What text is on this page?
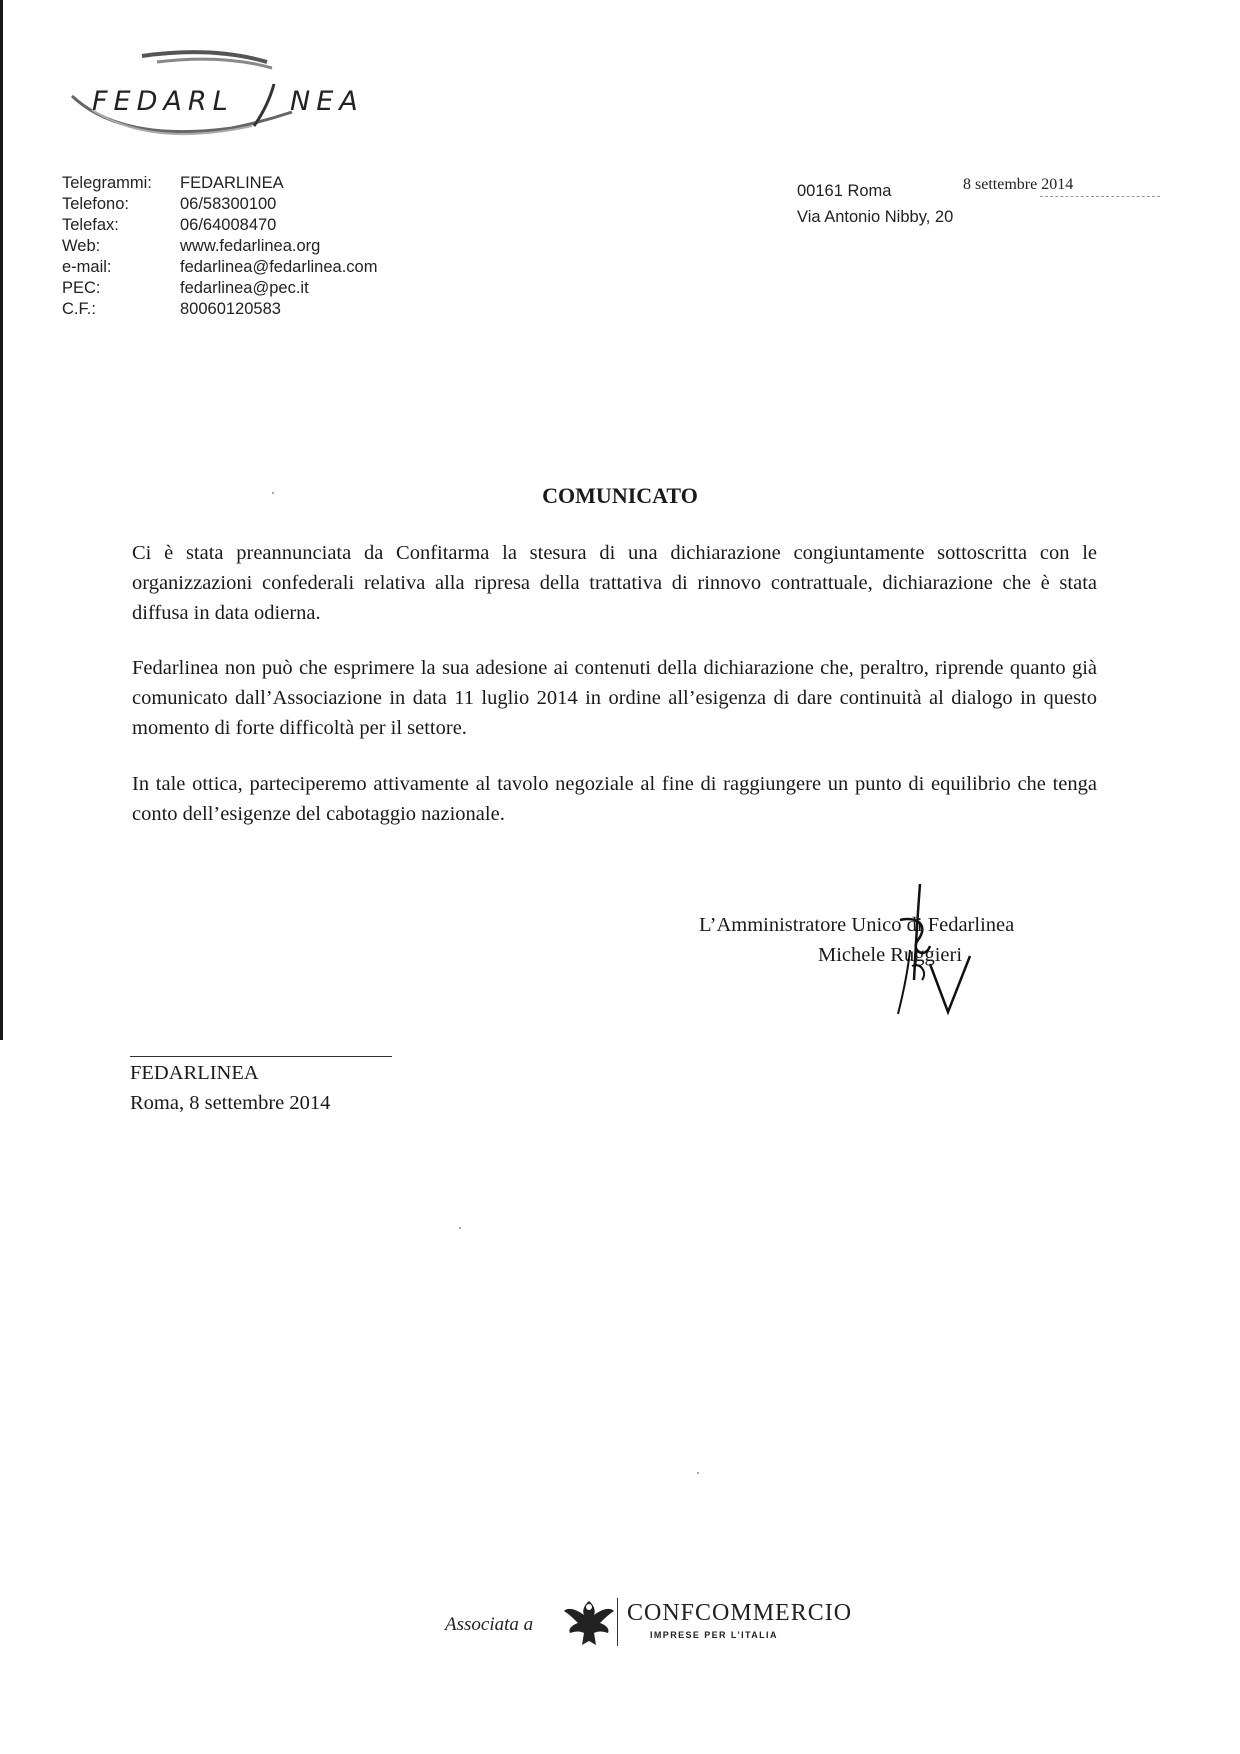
FEDARL NEA
Telegrammi:	FEDARLINEA
Telefono:	06/58300100
Telefax:	06/64008470
Web:	www.fedarlinea.org
e-mail:	fedarlinea@fedarlinea.com
PEC:	fedarlinea@pec.it
C.F.:	80060120583
00161 Roma
Via Antonio Nibby, 20
8 settembre 2014
COMUNICATO
Ci è stata preannunciata da Confitarma la stesura di una dichiarazione congiuntamente sottoscritta con le organizzazioni confederali relativa alla ripresa della trattativa di rinnovo contrattuale, dichiarazione che è stata diffusa in data odierna.
Fedarlinea non può che esprimere la sua adesione ai contenuti della dichiarazione che, peraltro, riprende quanto già comunicato dall’Associazione in data 11 luglio 2014 in ordine all’esigenza di dare continuità al dialogo in questo momento di forte difficoltà per il settore.
In tale ottica, parteciperemo attivamente al tavolo negoziale al fine di raggiungere un punto di equilibrio che tenga conto dell’esigenze del cabotaggio nazionale.
L’Amministratore Unico di Fedarlinea
Michele Ruggieri
FEDARLINEA
Roma, 8 settembre 2014
Associata a	CONFCOMMERCIO
IMPRESE PER L’ITALIA
